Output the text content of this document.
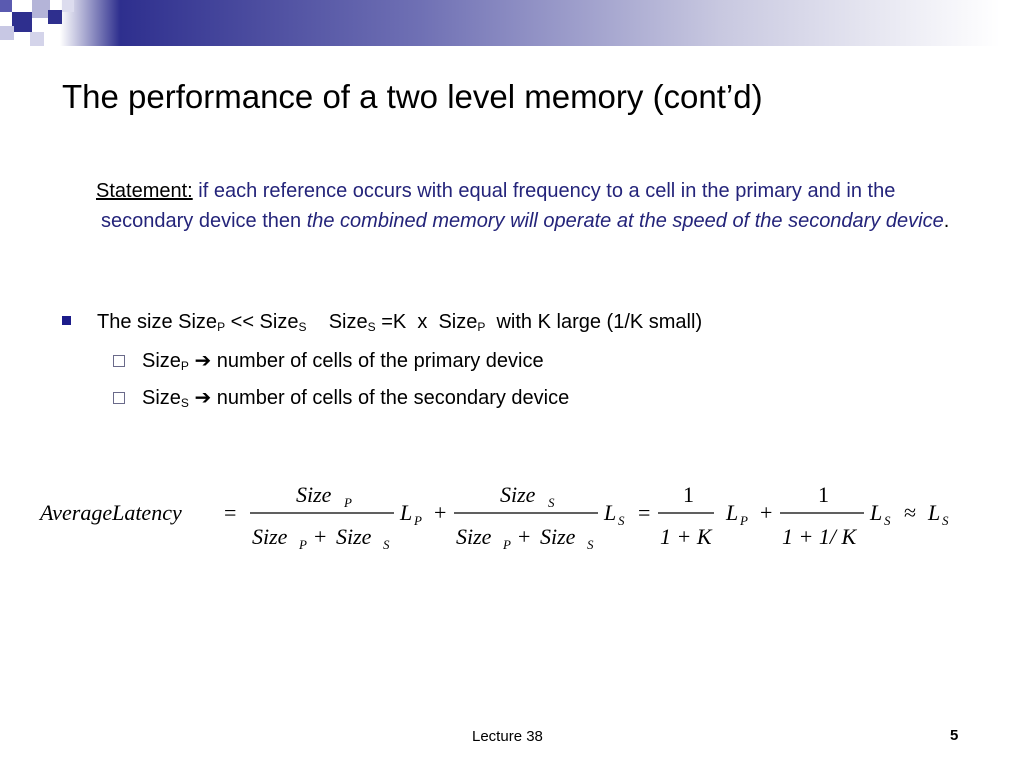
The performance of a two level memory (cont’d)
Statement: if each reference occurs with equal frequency to a cell in the primary and in the secondary device then the combined memory will operate at the speed of the secondary device.
The size Size$_P$ << Size$_S$    Size$_S$ =K  x  Size$_P$  with K large (1/K small)
Size$_P$ ➔ number of cells of the primary device
Size$_S$ ➔ number of cells of the secondary device
AverageLatency =
Size P
Size P + Size S
L P +
Size S
Size P + Size S
L S =
1
1 + K
L P +
1
1 + 1/ K
L S ≈ L S
Lecture 38	5
